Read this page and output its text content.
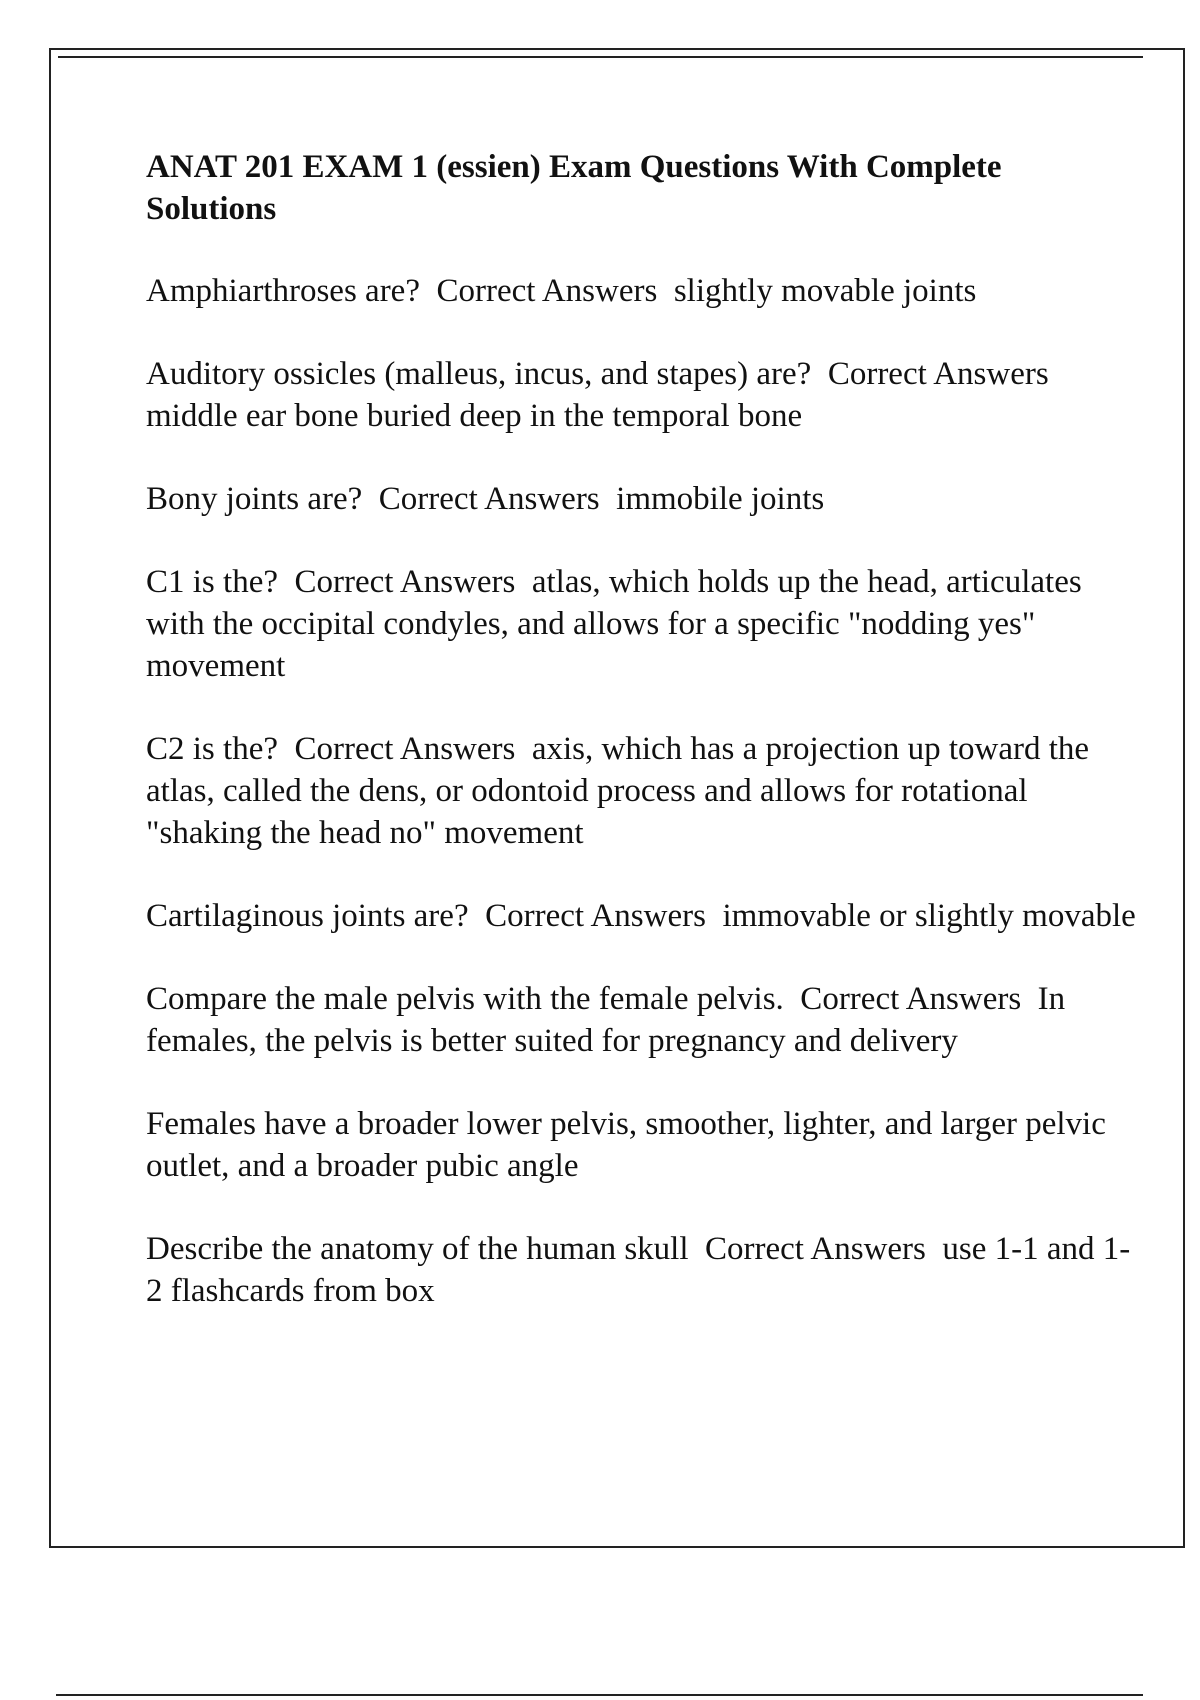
ANAT 201 EXAM 1 (essien) Exam Questions With Complete Solutions
Amphiarthroses are?  Correct Answers  slightly movable joints
Auditory ossicles (malleus, incus, and stapes) are?  Correct Answers  middle ear bone buried deep in the temporal bone
Bony joints are?  Correct Answers  immobile joints
C1 is the?  Correct Answers  atlas, which holds up the head, articulates with the occipital condyles, and allows for a specific "nodding yes" movement
C2 is the?  Correct Answers  axis, which has a projection up toward the atlas, called the dens, or odontoid process and allows for rotational "shaking the head no" movement
Cartilaginous joints are?  Correct Answers  immovable or slightly movable
Compare the male pelvis with the female pelvis.  Correct Answers  In females, the pelvis is better suited for pregnancy and delivery
Females have a broader lower pelvis, smoother, lighter, and larger pelvic outlet, and a broader pubic angle
Describe the anatomy of the human skull  Correct Answers  use 1-1 and 1-2 flashcards from box
